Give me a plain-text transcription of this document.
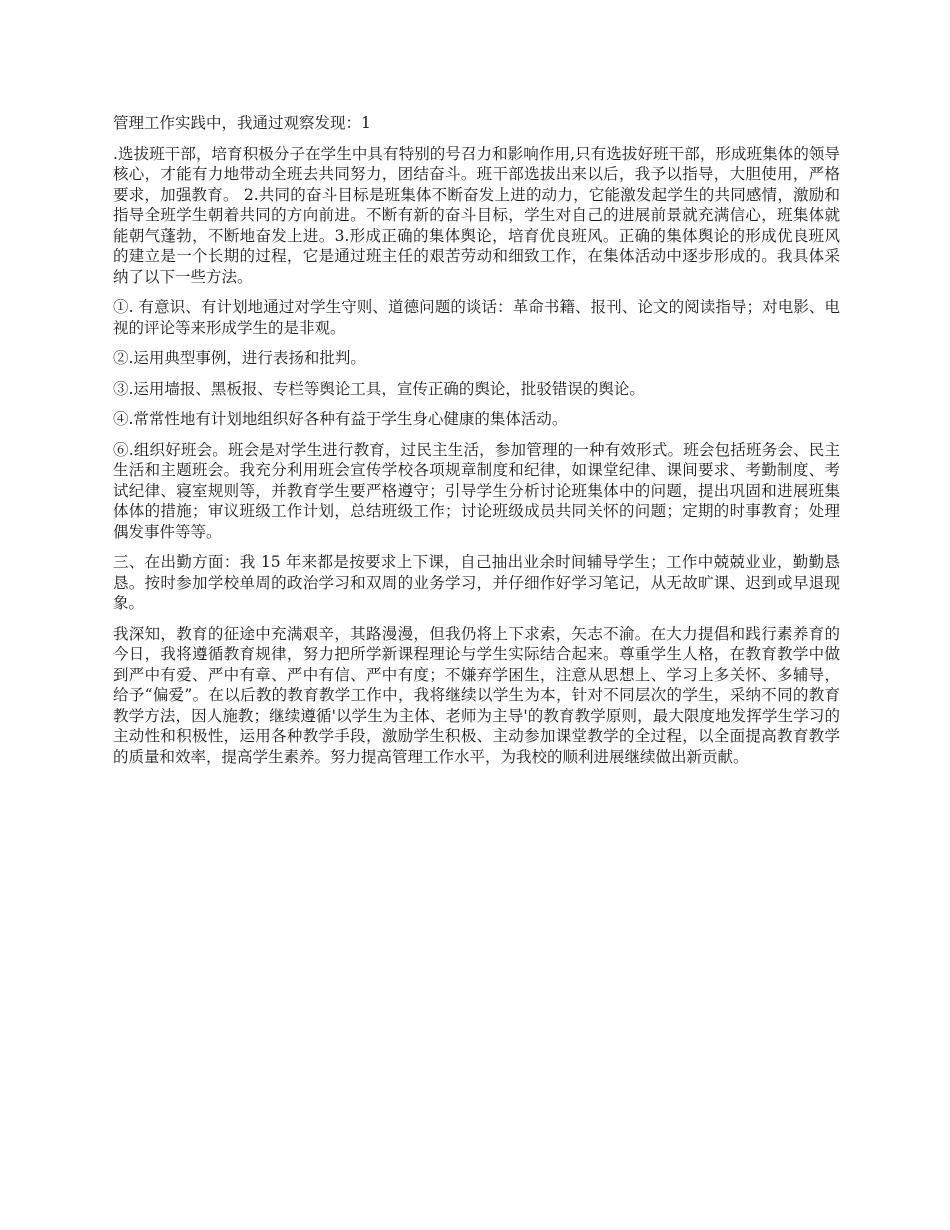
管理工作实践中，我通过观察发现：1

.选拔班干部，培育积极分子在学生中具有特别的号召力和影响作用,只有选拔好班干部，形成班集体的领导核心，才能有力地带动全班去共同努力，团结奋斗。班干部选拔出来以后，我予以指导，大胆使用，严格要求，加强教育。 2.共同的奋斗目标是班集体不断奋发上进的动力，它能激发起学生的共同感情，激励和指导全班学生朝着共同的方向前进。不断有新的奋斗目标，学生对自己的进展前景就充满信心，班集体就能朝气蓬勃，不断地奋发上进。3.形成正确的集体舆论，培育优良班风。正确的集体舆论的形成优良班风的建立是一个长期的过程，它是通过班主任的艰苦劳动和细致工作，在集体活动中逐步形成的。我具体采纳了以下一些方法。

①. 有意识、有计划地通过对学生守则、道德问题的谈话：革命书籍、报刊、论文的阅读指导；对电影、电视的评论等来形成学生的是非观。

②.运用典型事例，进行表扬和批判。

③.运用墙报、黑板报、专栏等舆论工具，宣传正确的舆论，批驳错误的舆论。

④.常常性地有计划地组织好各种有益于学生身心健康的集体活动。

⑥.组织好班会。班会是对学生进行教育，过民主生活，参加管理的一种有效形式。班会包括班务会、民主生活和主题班会。我充分利用班会宣传学校各项规章制度和纪律，如课堂纪律、课间要求、考勤制度、考试纪律、寝室规则等，并教育学生要严格遵守；引导学生分析讨论班集体中的问题，提出巩固和进展班集体体的措施；审议班级工作计划，总结班级工作；讨论班级成员共同关怀的问题；定期的时事教育；处理偶发事件等等。

三、在出勤方面：我 15 年来都是按要求上下课，自己抽出业余时间辅导学生；工作中兢兢业业，勤勤恳恳。按时参加学校单周的政治学习和双周的业务学习，并仔细作好学习笔记，从无故旷课、迟到或早退现象。

我深知，教育的征途中充满艰辛，其路漫漫，但我仍将上下求索，矢志不渝。在大力提倡和践行素养育的今日，我将遵循教育规律，努力把所学新课程理论与学生实际结合起来。尊重学生人格，在教育教学中做到严中有爱、严中有章、严中有信、严中有度；不嫌弃学困生，注意从思想上、学习上多关怀、多辅导，给予“偏爱”。在以后教的教育教学工作中，我将继续以学生为本，针对不同层次的学生，采纳不同的教育教学方法，因人施教；继续遵循'以学生为主体、老师为主导'的教育教学原则，最大限度地发挥学生学习的主动性和积极性，运用各种教学手段，激励学生积极、主动参加课堂教学的全过程，以全面提高教育教学的质量和效率，提高学生素养。努力提高管理工作水平，为我校的顺利进展继续做出新贡献。
